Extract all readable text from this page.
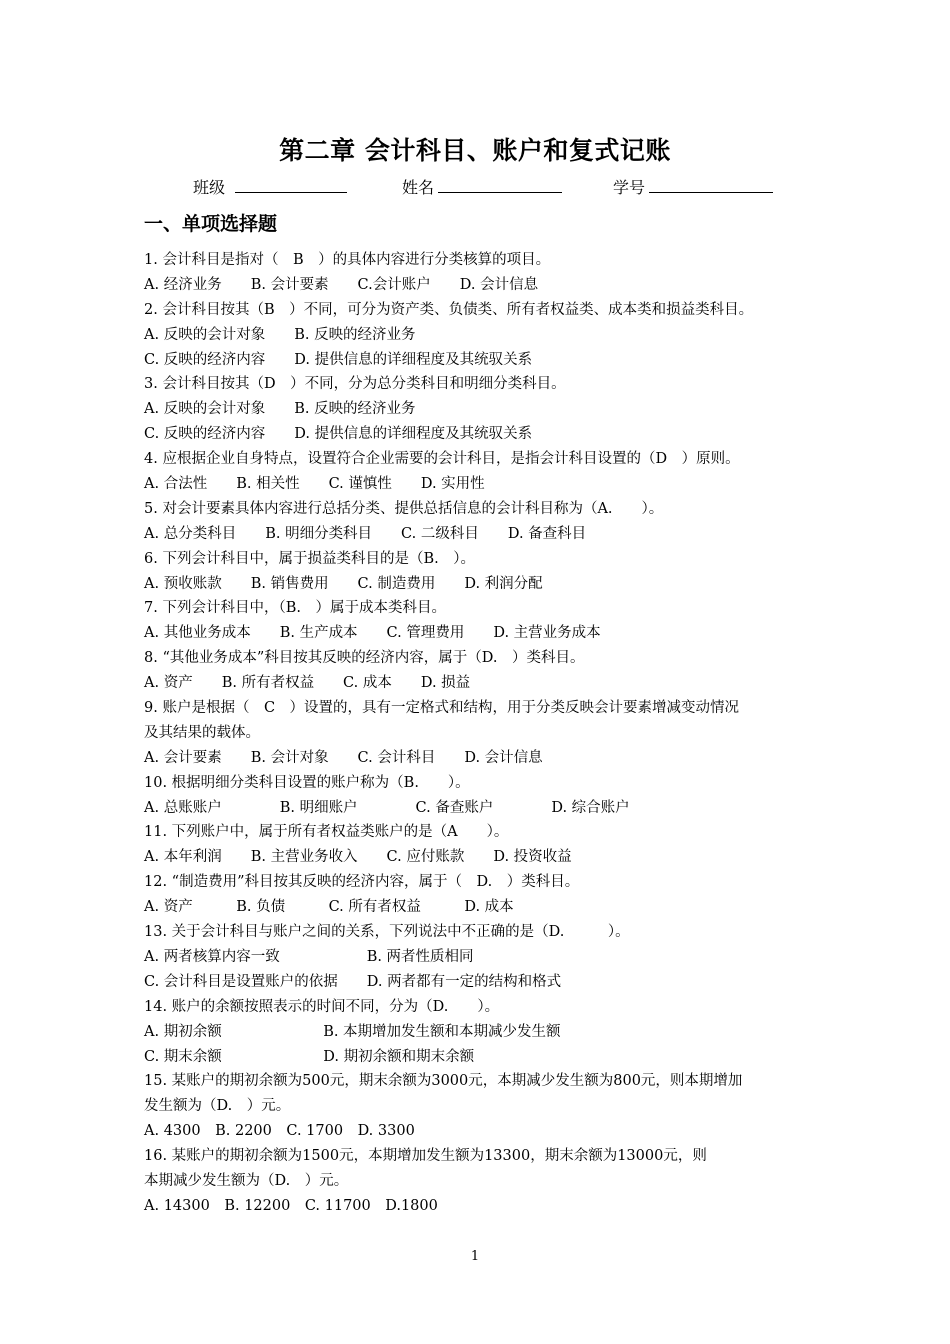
第二章 会计科目、账户和复式记账
班级	姓名	学号
一、单项选择题
1. 会计科目是指对（　B　）的具体内容进行分类核算的项目。
A. 经济业务　　B. 会计要素　　C.会计账户　　D. 会计信息
2. 会计科目按其（B　）不同，可分为资产类、负债类、所有者权益类、成本类和损益类科目。
A. 反映的会计对象　　B. 反映的经济业务
C. 反映的经济内容　　D. 提供信息的详细程度及其统驭关系
3. 会计科目按其（D　）不同，分为总分类科目和明细分类科目。
A. 反映的会计对象　　B. 反映的经济业务
C. 反映的经济内容　　D. 提供信息的详细程度及其统驭关系
4. 应根据企业自身特点，设置符合企业需要的会计科目，是指会计科目设置的（D　）原则。
A. 合法性　　B. 相关性　　C. 谨慎性　　D. 实用性
5. 对会计要素具体内容进行总括分类、提供总括信息的会计科目称为（A.　　）。
A. 总分类科目　　B. 明细分类科目　　C. 二级科目　　D. 备查科目
6. 下列会计科目中，属于损益类科目的是（B.　）。
A. 预收账款　　B. 销售费用　　C. 制造费用　　D. 利润分配
7. 下列会计科目中，（B.　）属于成本类科目。
A. 其他业务成本　　B. 生产成本　　C. 管理费用　　D. 主营业务成本
8. “其他业务成本”科目按其反映的经济内容，属于（D.　）类科目。
A. 资产　　B. 所有者权益　　C. 成本　　D. 损益
9. 账户是根据（　C　）设置的，具有一定格式和结构，用于分类反映会计要素增减变动情况
及其结果的载体。
A. 会计要素　　B. 会计对象　　C. 会计科目　　D. 会计信息
10. 根据明细分类科目设置的账户称为（B.　　）。
A. 总账账户　　　　B. 明细账户　　　　C. 备查账户　　　　D. 综合账户
11. 下列账户中，属于所有者权益类账户的是（A　　）。
A. 本年利润　　B. 主营业务收入　　C. 应付账款　　D. 投资收益
12. “制造费用”科目按其反映的经济内容，属于（　D.　）类科目。
A. 资产　　　B. 负债　　　C. 所有者权益　　　D. 成本
13. 关于会计科目与账户之间的关系，下列说法中不正确的是（D.　　　）。
A. 两者核算内容一致　　　　　　B. 两者性质相同
C. 会计科目是设置账户的依据　　D. 两者都有一定的结构和格式
14. 账户的余额按照表示的时间不同，分为（D.　　）。
A. 期初余额　　　　　　　B. 本期增加发生额和本期减少发生额
C. 期末余额　　　　　　　D. 期初余额和期末余额
15. 某账户的期初余额为500元，期末余额为3000元，本期减少发生额为800元，则本期增加
发生额为（D.　）元。
A. 4300　B. 2200　C. 1700　D. 3300
16. 某账户的期初余额为1500元，本期增加发生额为13300，期末余额为13000元，则
本期减少发生额为（D.　）元。
A. 14300　B. 12200　C. 11700　D.1800
1
